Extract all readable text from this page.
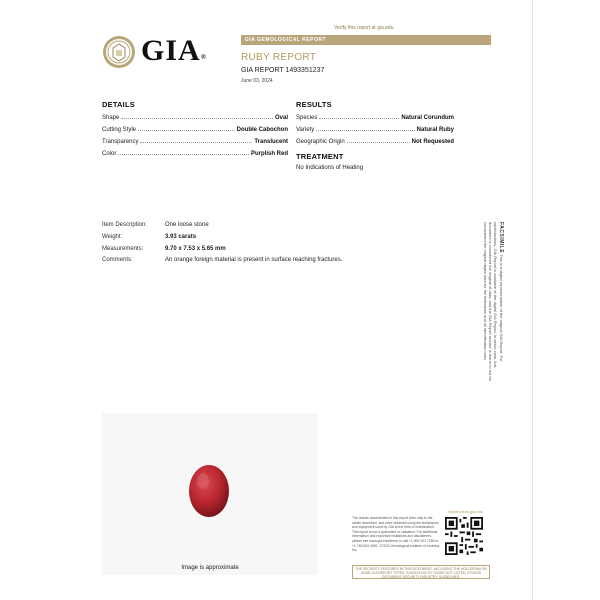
Verify this report at gia.edu
GIA®
GIA GEMOLOGICAL REPORT
RUBY REPORT
GIA REPORT 1493351237
June 03, 2024
DETAILS
Shape	Oval
Cutting Style	Double Cabochon
Transparency	Translucent
Color	Purplish Red
RESULTS
Species	Natural Corundum
Variety	Natural Ruby
Geographic Origin	Not Requested
TREATMENT
No Indications of Heating
Item Description:	One loose stone
Weight:	3.93 carats
Measurements:	9.70 x 7.53 x 5.65 mm
Comments:	An orange foreign material is present in surface reaching fractures.
FACSIMILE This is a digital representation of the original GIA Report. For reproductions, GIA Report is available at the digital GIA Report. In which case, this document is considered the original of data, and the GIA Report archive is mirror to not be considered the original digital data for the limitations and all identification ones.
Image is approximate
The results documented in this report refer only to the article described, and were obtained using the techniques and equipment used by GIA at the time of examination. This report is not a guarantee or valuation. For additional information and important limitations and disclaimers, please see www.gia.edu/terms or call +1 800 421 7250 or +1 760 603 4500. ©2024 Gemological Institute of America, Inc.
reportcheck.gia.edu
THE SECURITY FEATURES IN THIS DOCUMENT, INCLUDING THE HOLOGRAM ON SOME GIA REPORT TYPES, IN ADDITION TO THOSE NOT LISTED, EXCEED DOCUMENT SECURITY INDUSTRY GUIDELINES.
